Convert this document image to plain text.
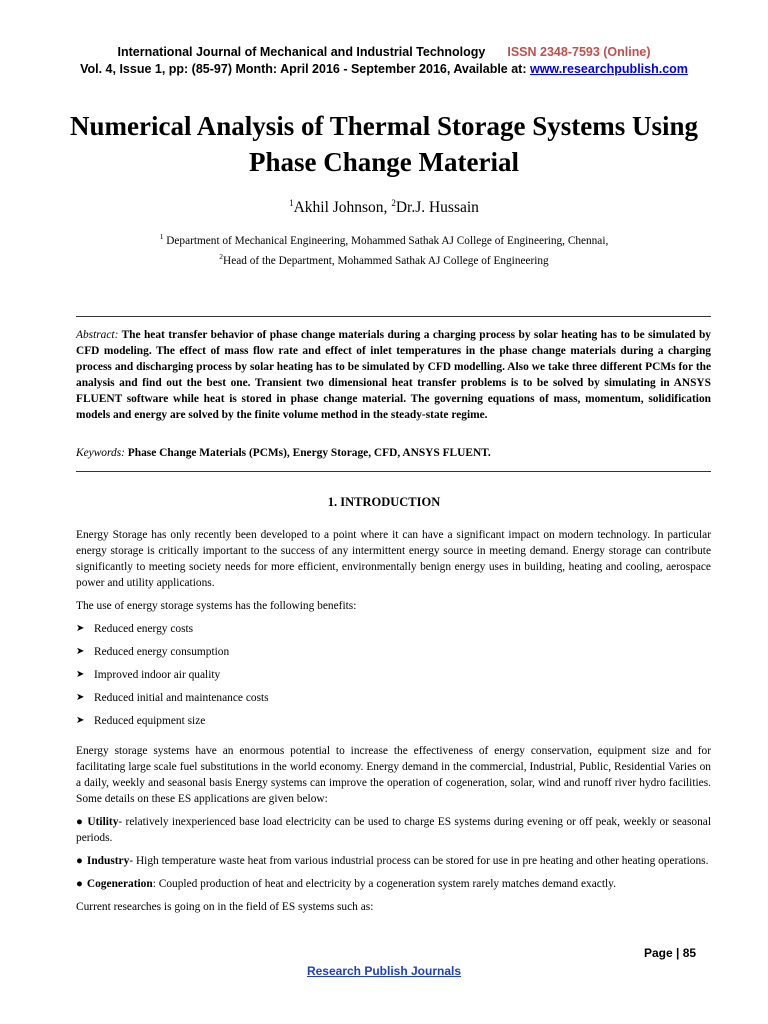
International Journal of Mechanical and Industrial Technology ISSN 2348-7593 (Online)
Vol. 4, Issue 1, pp: (85-97) Month: April 2016 - September 2016, Available at: www.researchpublish.com
Numerical Analysis of Thermal Storage Systems Using Phase Change Material
$^1$Akhil Johnson, $^2$Dr.J. Hussain
$^1$ Department of Mechanical Engineering, Mohammed Sathak AJ College of Engineering, Chennai,
$^2$Head of the Department, Mohammed Sathak AJ College of Engineering
Abstract: The heat transfer behavior of phase change materials during a charging process by solar heating has to be simulated by CFD modeling. The effect of mass flow rate and effect of inlet temperatures in the phase change materials during a charging process and discharging process by solar heating has to be simulated by CFD modelling. Also we take three different PCMs for the analysis and find out the best one. Transient two dimensional heat transfer problems is to be solved by simulating in ANSYS FLUENT software while heat is stored in phase change material. The governing equations of mass, momentum, solidification models and energy are solved by the finite volume method in the steady-state regime.
Keywords: Phase Change Materials (PCMs), Energy Storage, CFD, ANSYS FLUENT.
1. INTRODUCTION

Energy Storage has only recently been developed to a point where it can have a significant impact on modern technology. In particular energy storage is critically important to the success of any intermittent energy source in meeting demand. Energy storage can contribute significantly to meeting society needs for more efficient, environmentally benign energy uses in building, heating and cooling, aerospace power and utility applications.

The use of energy storage systems has the following benefits:

➤ Reduced energy costs
➤ Reduced energy consumption
➤ Improved indoor air quality
➤ Reduced initial and maintenance costs
➤ Reduced equipment size

Energy storage systems have an enormous potential to increase the effectiveness of energy conservation, equipment size and for facilitating large scale fuel substitutions in the world economy. Energy demand in the commercial, Industrial, Public, Residential Varies on a daily, weekly and seasonal basis Energy systems can improve the operation of cogeneration, solar, wind and runoff river hydro facilities. Some details on these ES applications are given below:

● Utility- relatively inexperienced base load electricity can be used to charge ES systems during evening or off peak, weekly or seasonal periods.
● Industry- High temperature waste heat from various industrial process can be stored for use in pre heating and other heating operations.
● Cogeneration: Coupled production of heat and electricity by a cogeneration system rarely matches demand exactly.

Current researches is going on in the field of ES systems such as:

Page | 85
Research Publish Journals
